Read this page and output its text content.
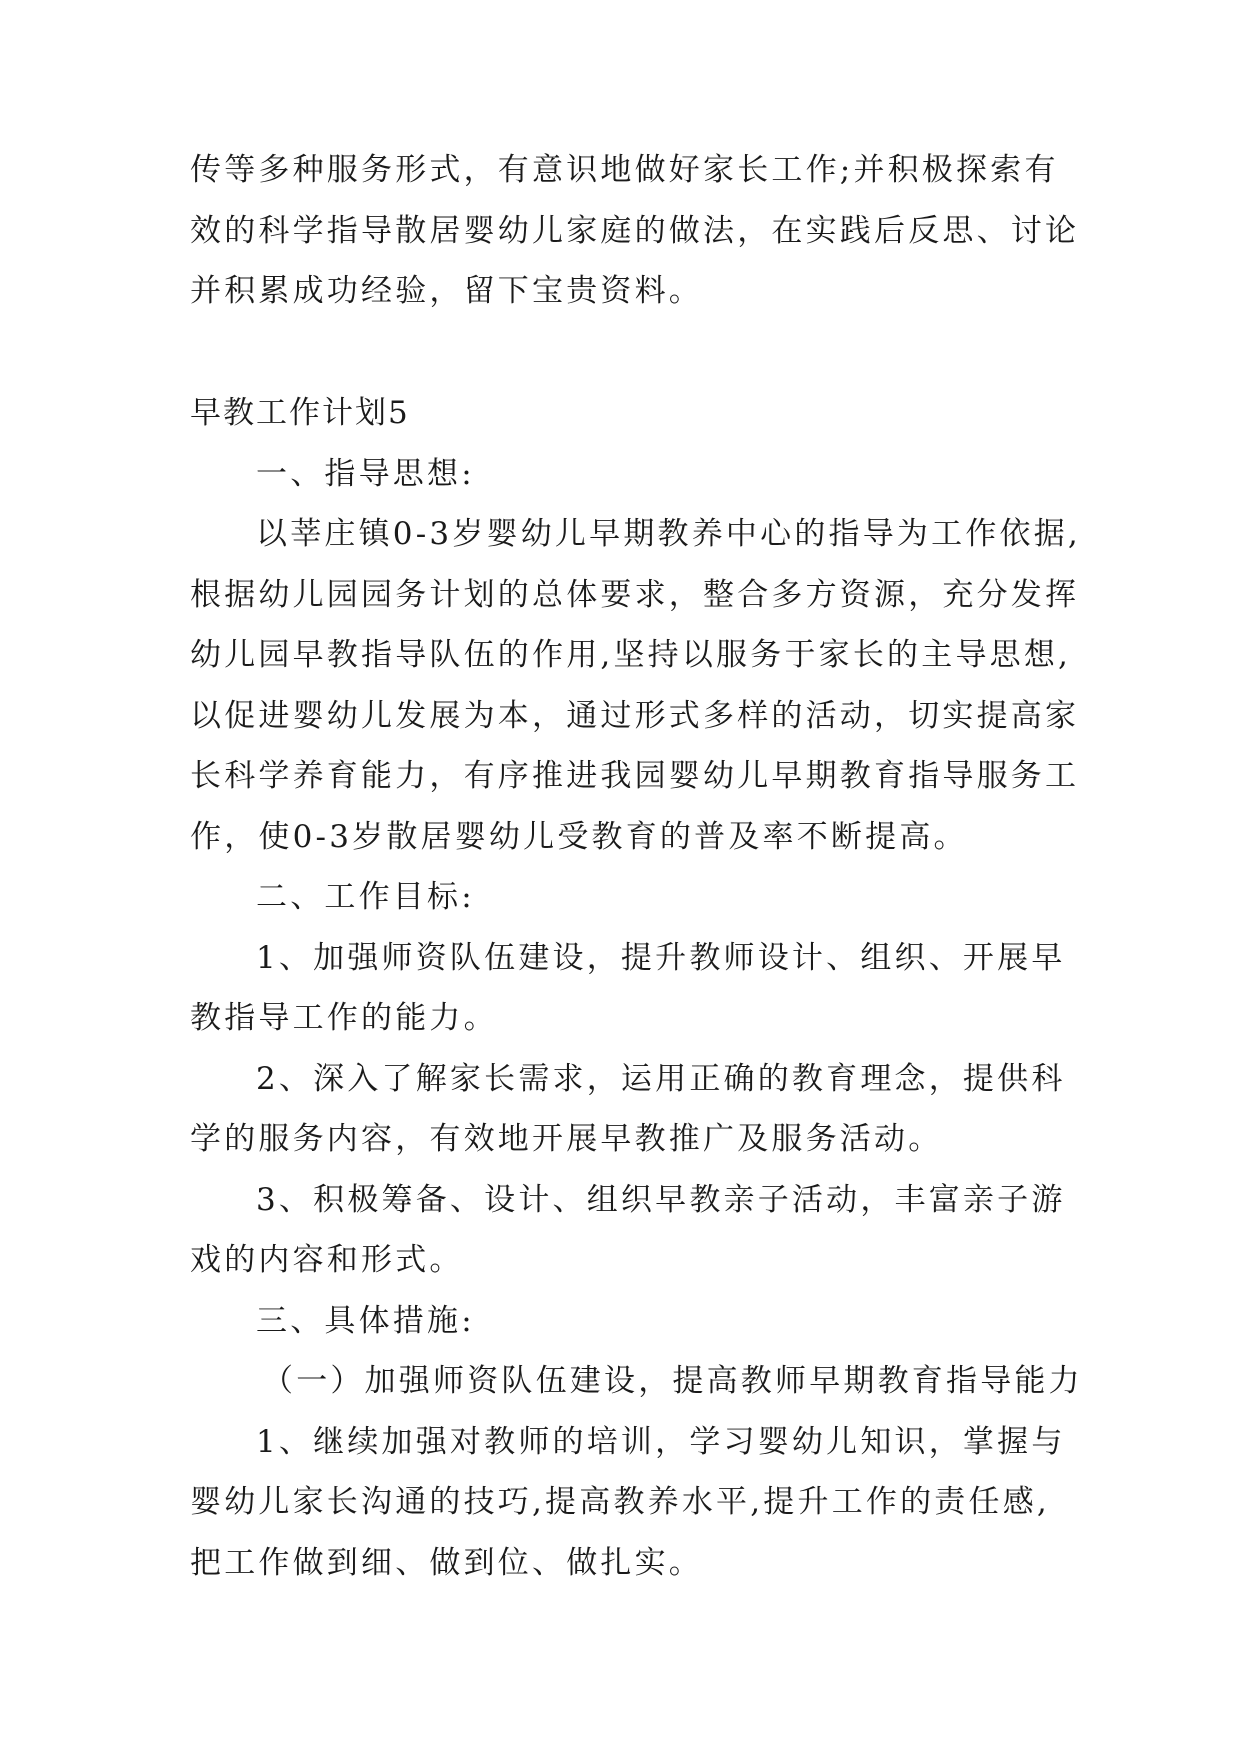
传等多种服务形式，有意识地做好家长工作;并积极探索有
效的科学指导散居婴幼儿家庭的做法，在实践后反思、讨论
并积累成功经验，留下宝贵资料。
早教工作计划5
一、指导思想:
以莘庄镇0-3岁婴幼儿早期教养中心的指导为工作依据,
根据幼儿园园务计划的总体要求，整合多方资源，充分发挥
幼儿园早教指导队伍的作用,坚持以服务于家长的主导思想,
以促进婴幼儿发展为本，通过形式多样的活动，切实提高家
长科学养育能力，有序推进我园婴幼儿早期教育指导服务工
作，使0-3岁散居婴幼儿受教育的普及率不断提高。
二、工作目标:
1、加强师资队伍建设，提升教师设计、组织、开展早
教指导工作的能力。
2、深入了解家长需求，运用正确的教育理念，提供科
学的服务内容，有效地开展早教推广及服务活动。
3、积极筹备、设计、组织早教亲子活动，丰富亲子游
戏的内容和形式。
三、具体措施:
（一）加强师资队伍建设，提高教师早期教育指导能力
1、继续加强对教师的培训，学习婴幼儿知识，掌握与
婴幼儿家长沟通的技巧,提高教养水平,提升工作的责任感,
把工作做到细、做到位、做扎实。
